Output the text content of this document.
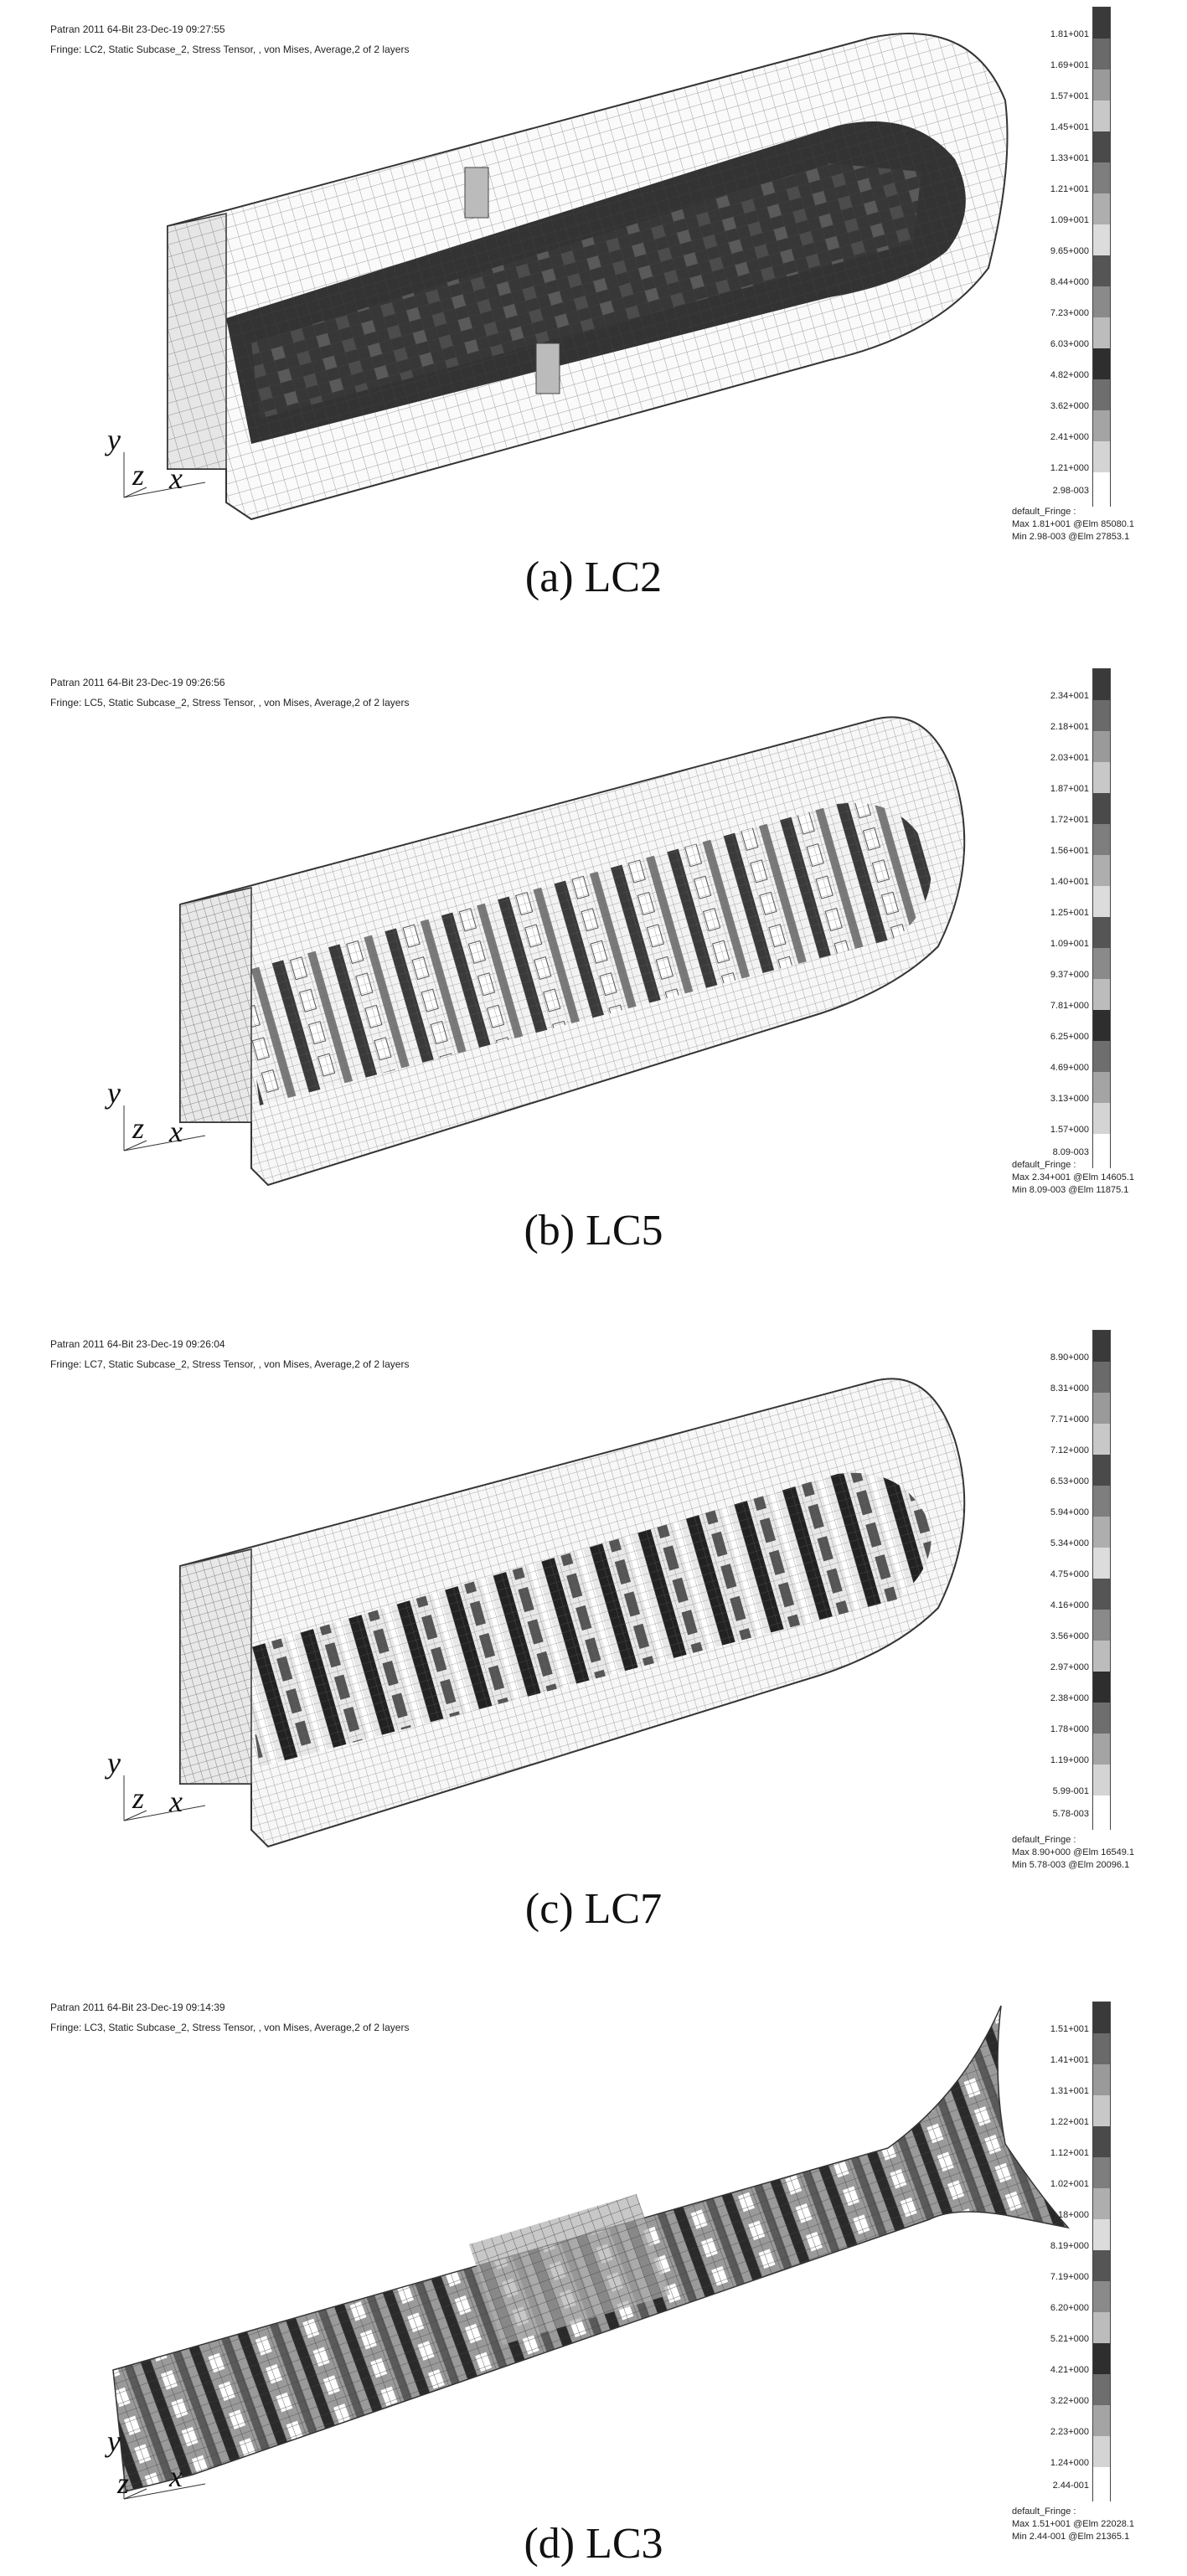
Patran 2011 64-Bit 23-Dec-19 09:27:55
Fringe: LC2, Static Subcase_2, Stress Tensor, , von Mises, Average,2 of 2 layers
1.81+001
1.69+001
1.57+001
1.45+001
1.33+001
1.21+001
1.09+001
9.65+000
8.44+000
7.23+000
6.03+000
4.82+000
3.62+000
2.41+000
1.21+000
2.98-003
default_Fringe :
Max 1.81+001 @Elm 85080.1
Min 2.98-003 @Elm 27853.1
y
z x
(a) LC2
Patran 2011 64-Bit 23-Dec-19 09:26:56
Fringe: LC5, Static Subcase_2, Stress Tensor, , von Mises, Average,2 of 2 layers
2.34+001
2.18+001
2.03+001
1.87+001
1.72+001
1.56+001
1.40+001
1.25+001
1.09+001
9.37+000
7.81+000
6.25+000
4.69+000
3.13+000
1.57+000
8.09-003
default_Fringe :
Max 2.34+001 @Elm 14605.1
Min 8.09-003 @Elm 11875.1
y
z x
(b) LC5
Patran 2011 64-Bit 23-Dec-19 09:26:04
Fringe: LC7, Static Subcase_2, Stress Tensor, , von Mises, Average,2 of 2 layers
8.90+000
8.31+000
7.71+000
7.12+000
6.53+000
5.94+000
5.34+000
4.75+000
4.16+000
3.56+000
2.97+000
2.38+000
1.78+000
1.19+000
5.99-001
5.78-003
default_Fringe :
Max 8.90+000 @Elm 16549.1
Min 5.78-003 @Elm 20096.1
y
z x
(c) LC7
Patran 2011 64-Bit 23-Dec-19 09:14:39
Fringe: LC3, Static Subcase_2, Stress Tensor, , von Mises, Average,2 of 2 layers	1.51+001
1.41+001
1.31+001
1.22+001
1.12+001
1.02+001
9.18+000
8.19+000
7.19+000
6.20+000
5.21+000
4.21+000
3.22+000
2.23+000
1.24+000
2.44-001
default_Fringe :
Max 1.51+001 @Elm 22028.1
Min 2.44-001 @Elm 21365.1
y
z x
(d) LC3
